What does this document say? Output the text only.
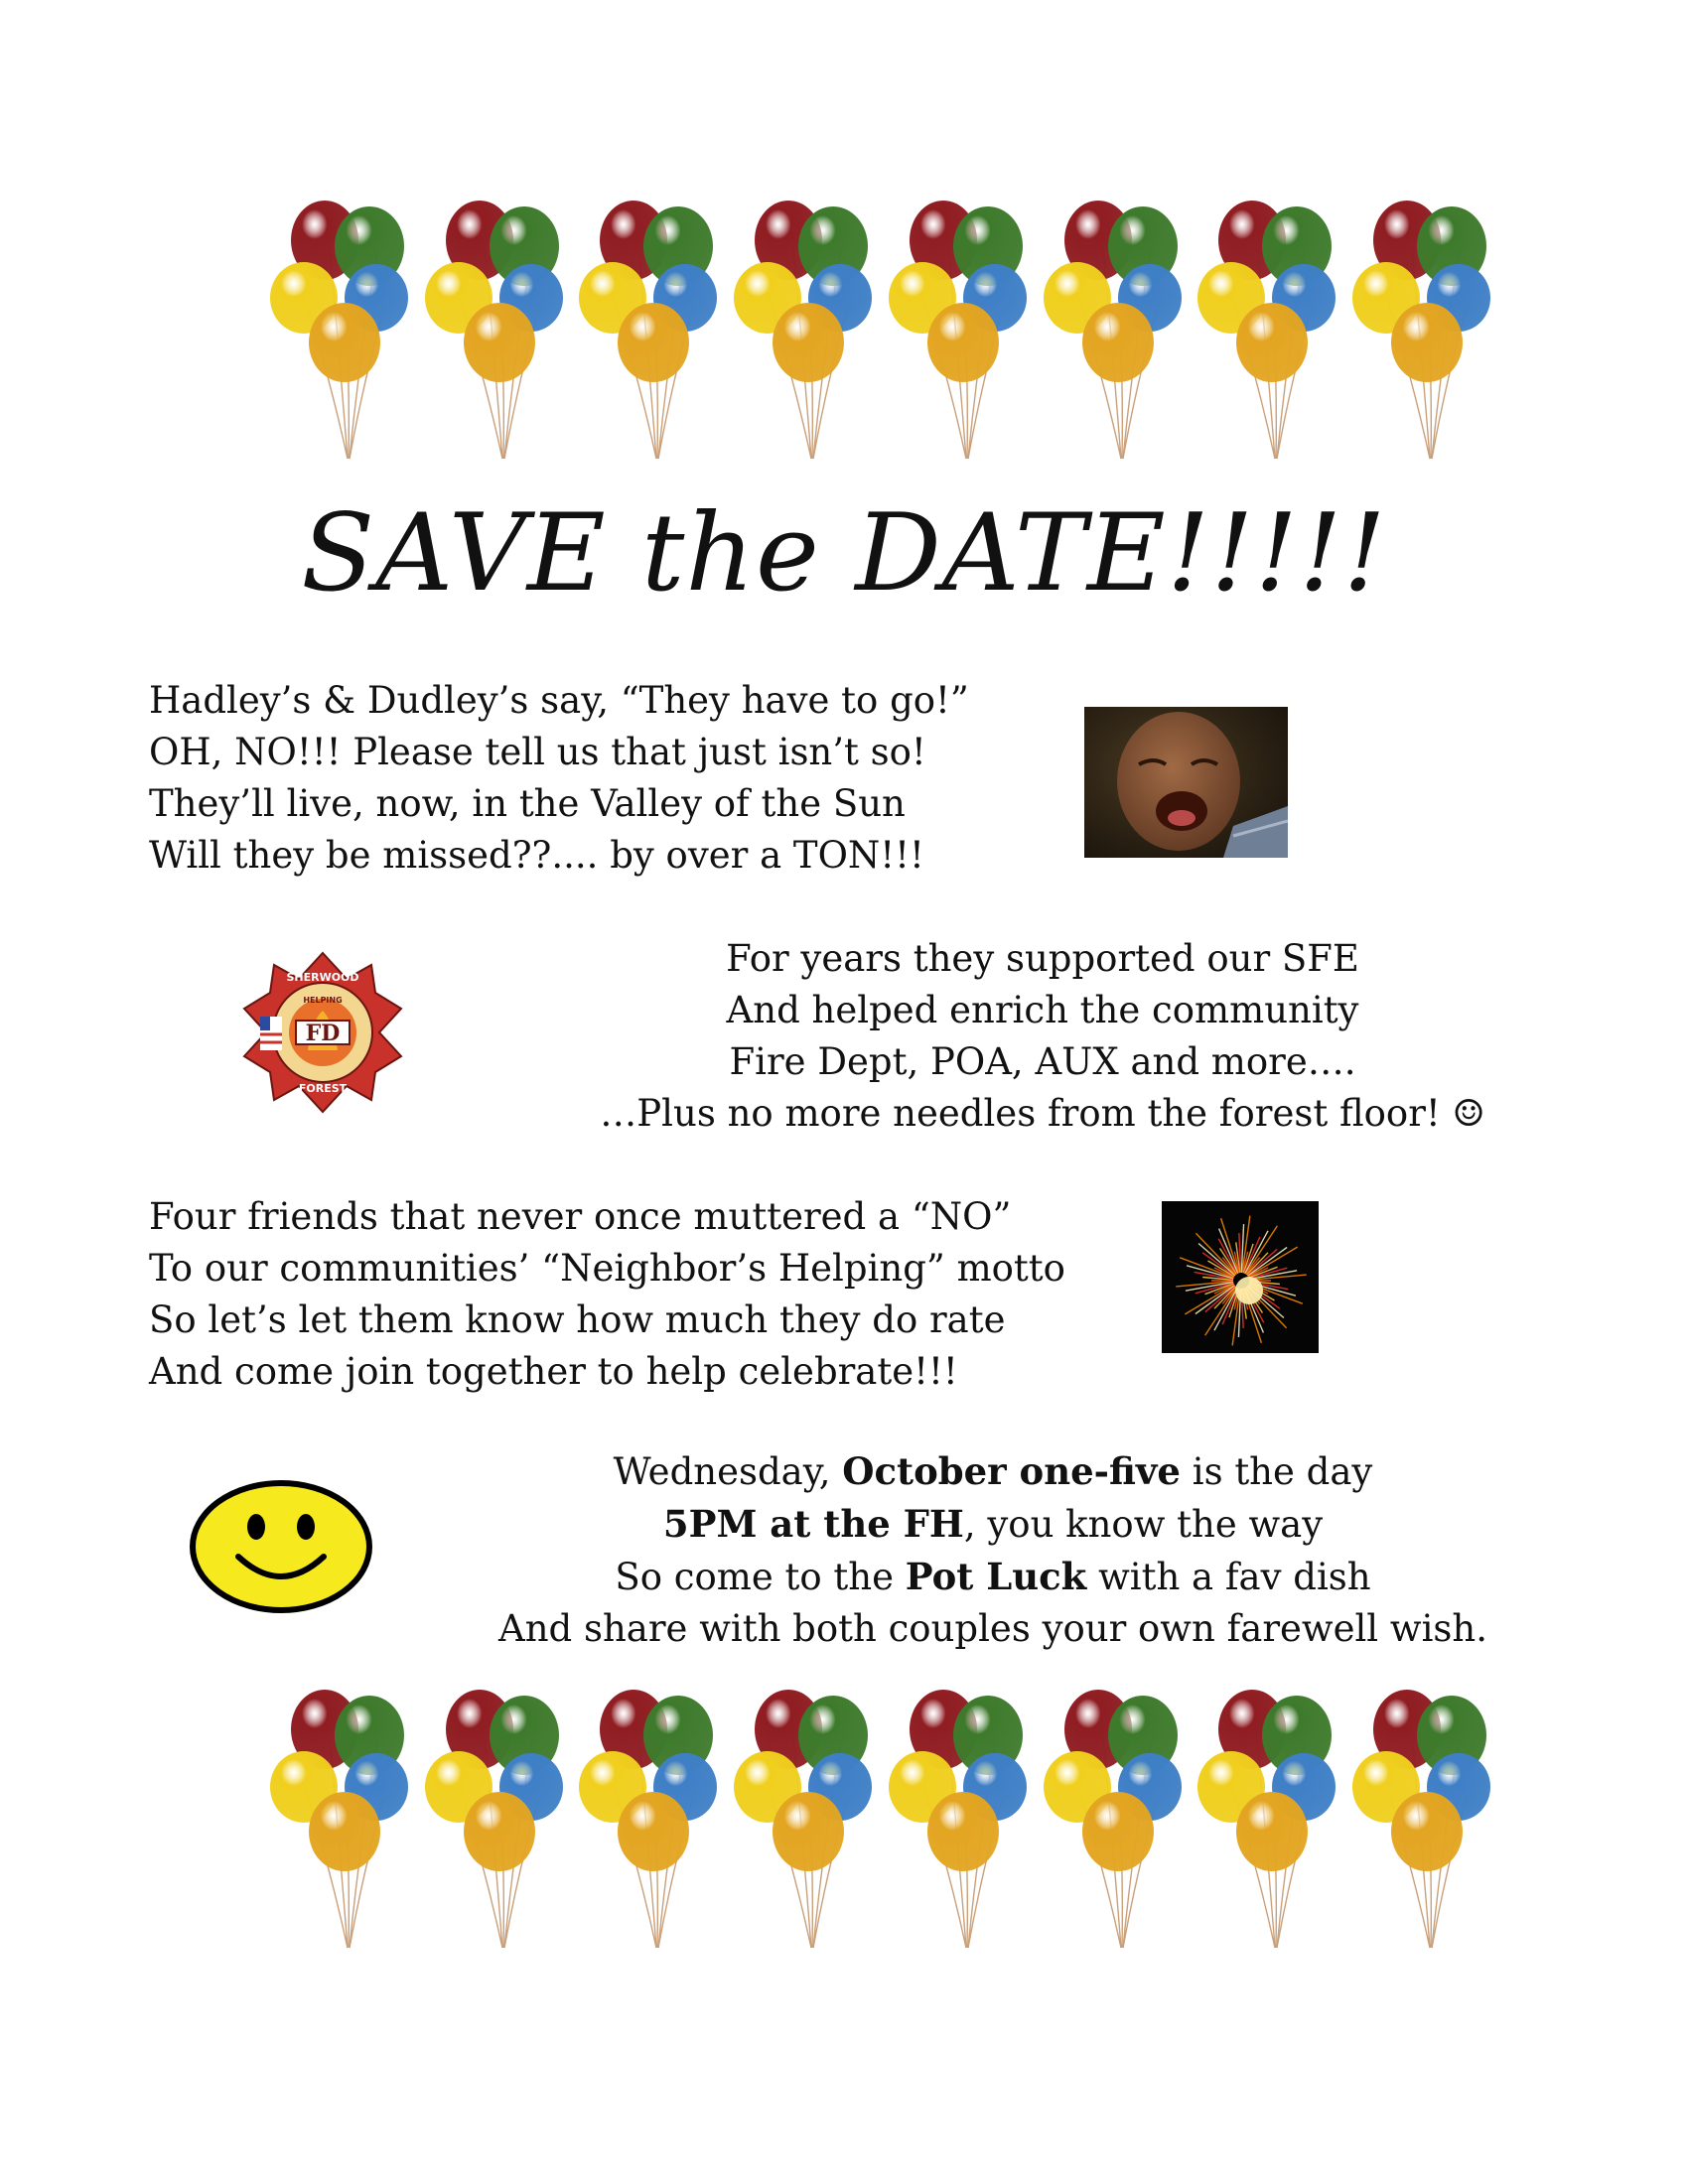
SAVE the DATE!!!!!
Hadley’s & Dudley’s say, “They have to go!”
OH, NO!!! Please tell us that just isn’t so!
They’ll live, now, in the Valley of the Sun
Will they be missed??.... by over a TON!!!
SHERWOOD
HELPING
FD
FOREST
For years they supported our SFE
And helped enrich the community
Fire Dept, POA, AUX and more….
…Plus no more needles from the forest floor! ☺
Four friends that never once muttered a “NO”
To our communities’ “Neighbor’s Helping” motto
So let’s let them know how much they do rate
And come join together to help celebrate!!!
Wednesday, October one-five is the day
5PM at the FH, you know the way
So come to the Pot Luck with a fav dish
And share with both couples your own farewell wish.
